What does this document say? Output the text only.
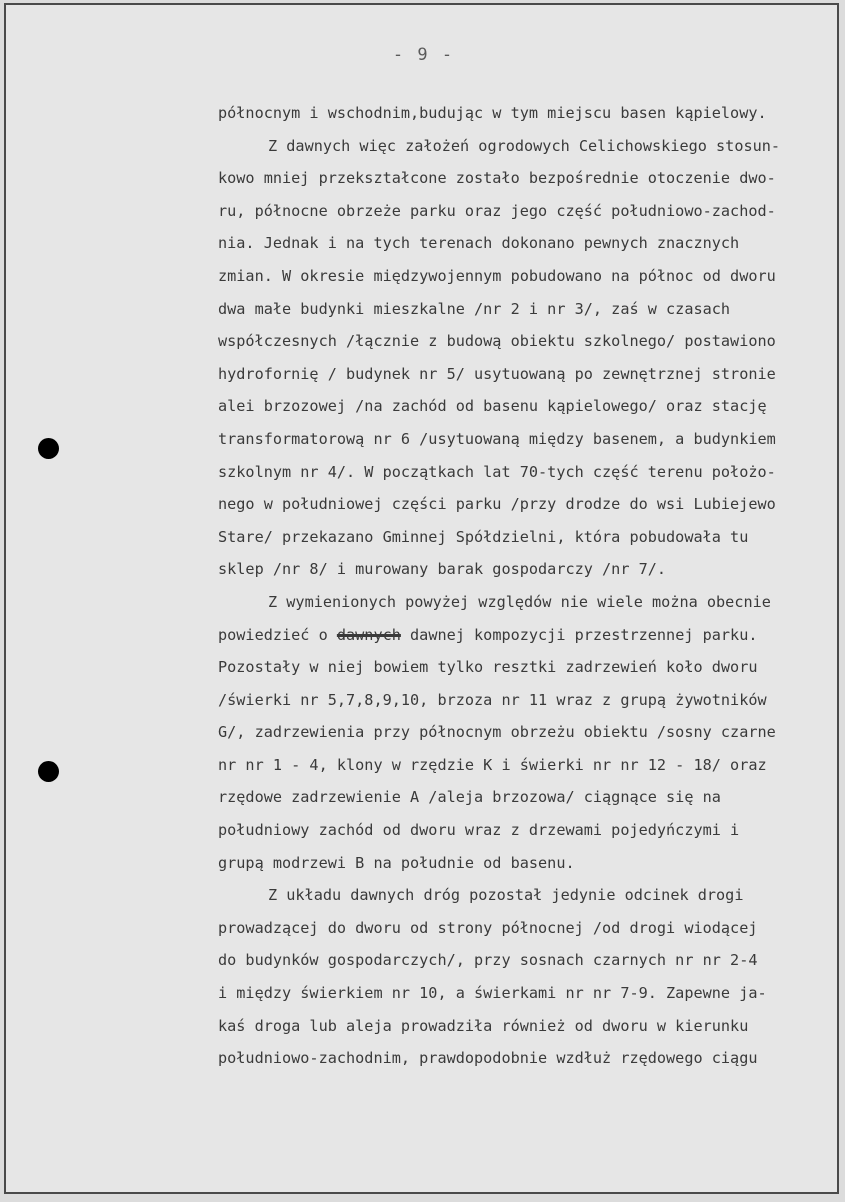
- 9 -
północnym i wschodnim,budując w tym miejscu basen kąpielowy.
Z dawnych więc założeń ogrodowych Celichowskiego stosun-
kowo mniej przekształcone zostało bezpośrednie otoczenie dwo-
ru, północne obrzeże parku oraz jego część południowo-zachod-
nia. Jednak i na tych terenach dokonano pewnych znacznych
zmian. W okresie międzywojennym pobudowano na północ od dworu
dwa małe budynki mieszkalne /nr 2 i nr 3/, zaś w czasach
współczesnych /łącznie z budową obiektu szkolnego/ postawiono
hydrofornię / budynek nr 5/ usytuowaną po zewnętrznej stronie
alei brzozowej /na zachód od basenu kąpielowego/ oraz stację
transformatorową nr 6 /usytuowaną między basenem, a budynkiem
szkolnym nr 4/. W początkach lat 70-tych część terenu położo-
nego w południowej części parku /przy drodze do wsi Lubiejewo
Stare/ przekazano Gminnej Spółdzielni, która pobudowała tu
sklep /nr 8/ i murowany barak gospodarczy /nr 7/.
Z wymienionych powyżej względów nie wiele można obecnie
powiedzieć o dawnych dawnej kompozycji przestrzennej parku.
Pozostały w niej bowiem tylko resztki zadrzewień koło dworu
/świerki nr 5,7,8,9,10, brzoza nr 11 wraz z grupą żywotników
G/, zadrzewienia przy północnym obrzeżu obiektu /sosny czarne
nr nr 1 - 4, klony w rzędzie K i świerki nr nr 12 - 18/ oraz
rzędowe zadrzewienie A /aleja brzozowa/ ciągnące się na
południowy zachód od dworu wraz z drzewami pojedyńczymi i
grupą modrzewi B na południe od basenu.
Z układu dawnych dróg pozostał jedynie odcinek drogi
prowadzącej do dworu od strony północnej /od drogi wiodącej
do budynków gospodarczych/, przy sosnach czarnych nr nr 2-4
i między świerkiem nr 10, a świerkami nr nr 7-9. Zapewne ja-
kaś droga lub aleja prowadziła również od dworu w kierunku
południowo-zachodnim, prawdopodobnie wzdłuż rzędowego ciągu
